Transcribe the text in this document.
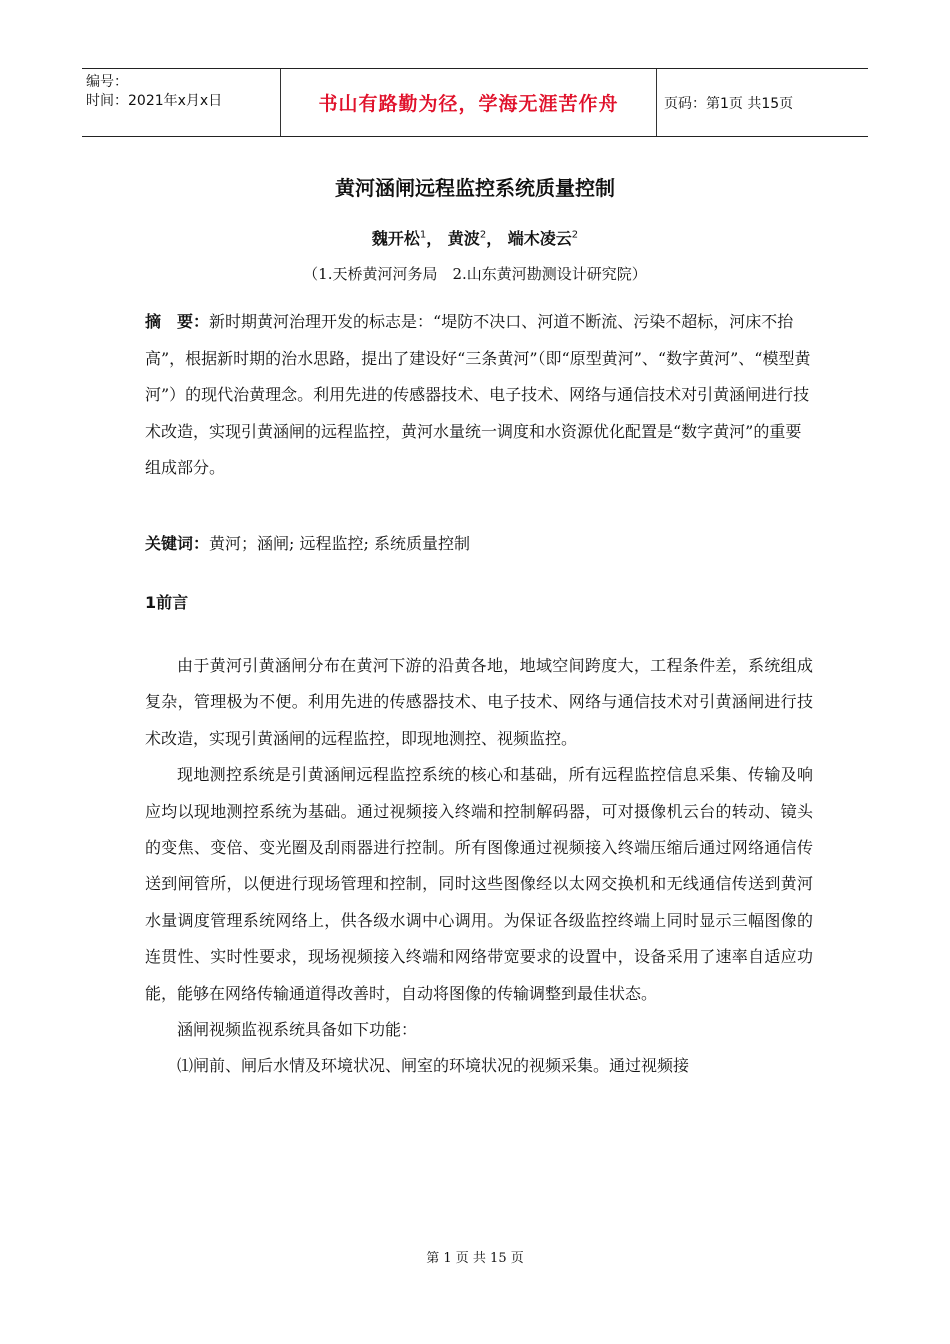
编号：
时间：2021年x月x日	书山有路勤为径，学海无涯苦作舟	页码：第1页 共15页
黄河涵闸远程监控系统质量控制
魏开松$^1$， 黄波$^2$， 端木凌云$^2$
（1.天桥黄河河务局　2.山东黄河勘测设计研究院）
摘　要：新时期黄河治理开发的标志是：“堤防不决口、河道不断流、污染不超标，河床不抬高”，根据新时期的治水思路，提出了建设好“三条黄河”（即“原型黄河”、“数字黄河”、“模型黄河”）的现代治黄理念。利用先进的传感器技术、电子技术、网络与通信技术对引黄涵闸进行技术改造，实现引黄涵闸的远程监控，黄河水量统一调度和水资源优化配置是“数字黄河”的重要组成部分。
关键词：黄河；涵闸; 远程监控; 系统质量控制
1前言

由于黄河引黄涵闸分布在黄河下游的沿黄各地，地域空间跨度大，工程条件差，系统组成复杂，管理极为不便。利用先进的传感器技术、电子技术、网络与通信技术对引黄涵闸进行技术改造，实现引黄涵闸的远程监控，即现地测控、视频监控。

现地测控系统是引黄涵闸远程监控系统的核心和基础，所有远程监控信息采集、传输及响应均以现地测控系统为基础。通过视频接入终端和控制解码器，可对摄像机云台的转动、镜头的变焦、变倍、变光圈及刮雨器进行控制。所有图像通过视频接入终端压缩后通过网络通信传送到闸管所，以便进行现场管理和控制，同时这些图像经以太网交换机和无线通信传送到黄河水量调度管理系统网络上，供各级水调中心调用。为保证各级监控终端上同时显示三幅图像的连贯性、实时性要求，现场视频接入终端和网络带宽要求的设置中，设备采用了速率自适应功能，能够在网络传输通道得改善时，自动将图像的传输调整到最佳状态。

涵闸视频监视系统具备如下功能：

⑴闸前、闸后水情及环境状况、闸室的环境状况的视频采集。通过视频接

第 1 页 共 15 页
